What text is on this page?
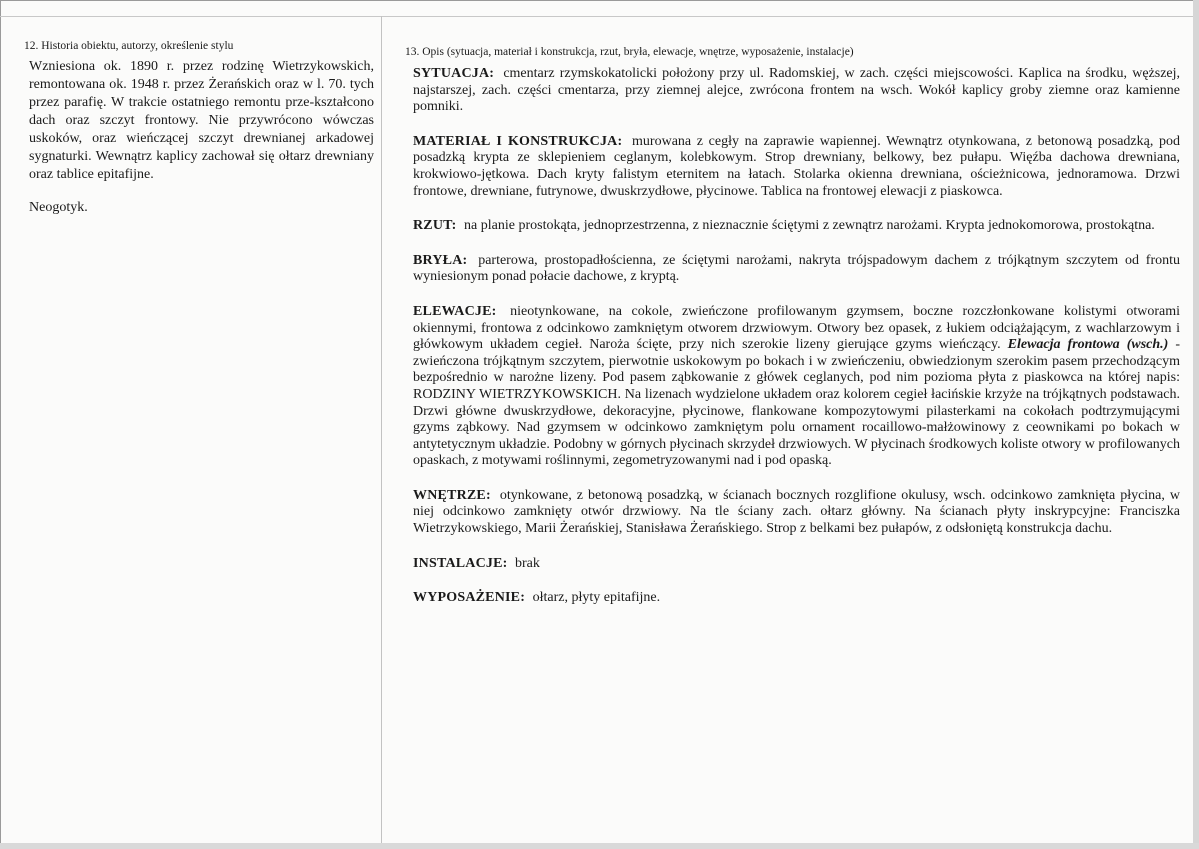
12. Historia obiektu, autorzy, określenie stylu
Wzniesiona ok. 1890 r. przez rodzinę Wietrzykowskich, remontowana ok. 1948 r. przez Żerańskich oraz w l. 70. tych przez parafię. W trakcie ostatniego remontu prze-kształcono dach oraz szczyt frontowy. Nie przywrócono wówczas uskoków, oraz wieńczącej szczyt drewnianej arkadowej sygnaturki. Wewnątrz kaplicy zachował się ołtarz drewniany oraz tablice epitafijne.
Neogotyk.
13. Opis (sytuacja, materiał i konstrukcja, rzut, bryła, elewacje, wnętrze, wyposażenie, instalacje)
SYTUACJA: cmentarz rzymskokatolicki położony przy ul. Radomskiej, w zach. części miejscowości. Kaplica na środku, węższej, najstarszej, zach. części cmentarza, przy ziemnej alejce, zwrócona frontem na wsch. Wokół kaplicy groby ziemne oraz kamienne pomniki.
MATERIAŁ I KONSTRUKCJA: murowana z cegły na zaprawie wapiennej. Wewnątrz otynkowana, z betonową posadzką, pod posadzką krypta ze sklepieniem ceglanym, kolebkowym. Strop drewniany, belkowy, bez pułapu. Więźba dachowa drewniana, krokwiowo-jętkowa. Dach kryty falistym eternitem na łatach. Stolarka okienna drewniana, ościeżnicowa, jednoramowa. Drzwi frontowe, drewniane, futrynowe, dwuskrzydłowe, płycinowe. Tablica na frontowej elewacji z piaskowca.
RZUT: na planie prostokąta, jednoprzestrzenna, z nieznacznie ściętymi z zewnątrz narożami. Krypta jednokomorowa, prostokątna.
BRYŁA: parterowa, prostopadłościenna, ze ściętymi narożami, nakryta trójspadowym dachem z trójkątnym szczytem od frontu wyniesionym ponad połacie dachowe, z kryptą.
ELEWACJE: nieotynkowane, na cokole, zwieńczone profilowanym gzymsem, boczne rozczłonkowane kolistymi otworami okiennymi, frontowa z odcinkowo zamkniętym otworem drzwiowym. Otwory bez opasek, z łukiem odciążającym, z wachlarzowym i główkowym układem cegieł. Naroża ścięte, przy nich szerokie lizeny gierujące gzyms wieńczący. Elewacja frontowa (wsch.) - zwieńczona trójkątnym szczytem, pierwotnie uskokowym po bokach i w zwieńczeniu, obwiedzionym szerokim pasem przechodzącym bezpośrednio w narożne lizeny. Pod pasem ząbkowanie z główek ceglanych, pod nim pozioma płyta z piaskowca na której napis: RODZINY WIETRZYKOWSKICH. Na lizenach wydzielone układem oraz kolorem cegieł łacińskie krzyże na trójkątnych podstawach. Drzwi główne dwuskrzydłowe, dekoracyjne, płycinowe, flankowane kompozytowymi pilasterkami na cokołach podtrzymującymi gzyms ząbkowy. Nad gzymsem w odcinkowo zamkniętym polu ornament rocaillowo-małżowinowy z ceownikami po bokach w antytetycznym układzie. Podobny w górnych płycinach skrzydeł drzwiowych. W płycinach środkowych koliste otwory w profilowanych opaskach, z motywami roślinnymi, zegometryzowanymi nad i pod opaską.
WNĘTRZE: otynkowane, z betonową posadzką, w ścianach bocznych rozglifione okulusy, wsch. odcinkowo zamknięta płycina, w niej odcinkowo zamknięty otwór drzwiowy. Na tle ściany zach. ołtarz główny. Na ścianach płyty inskrypcyjne: Franciszka Wietrzykowskiego, Marii Żerańskiej, Stanisława Żerańskiego. Strop z belkami bez pułapów, z odsłoniętą konstrukcja dachu.
INSTALACJE: brak
WYPOSAŻENIE: ołtarz, płyty epitafijne.
